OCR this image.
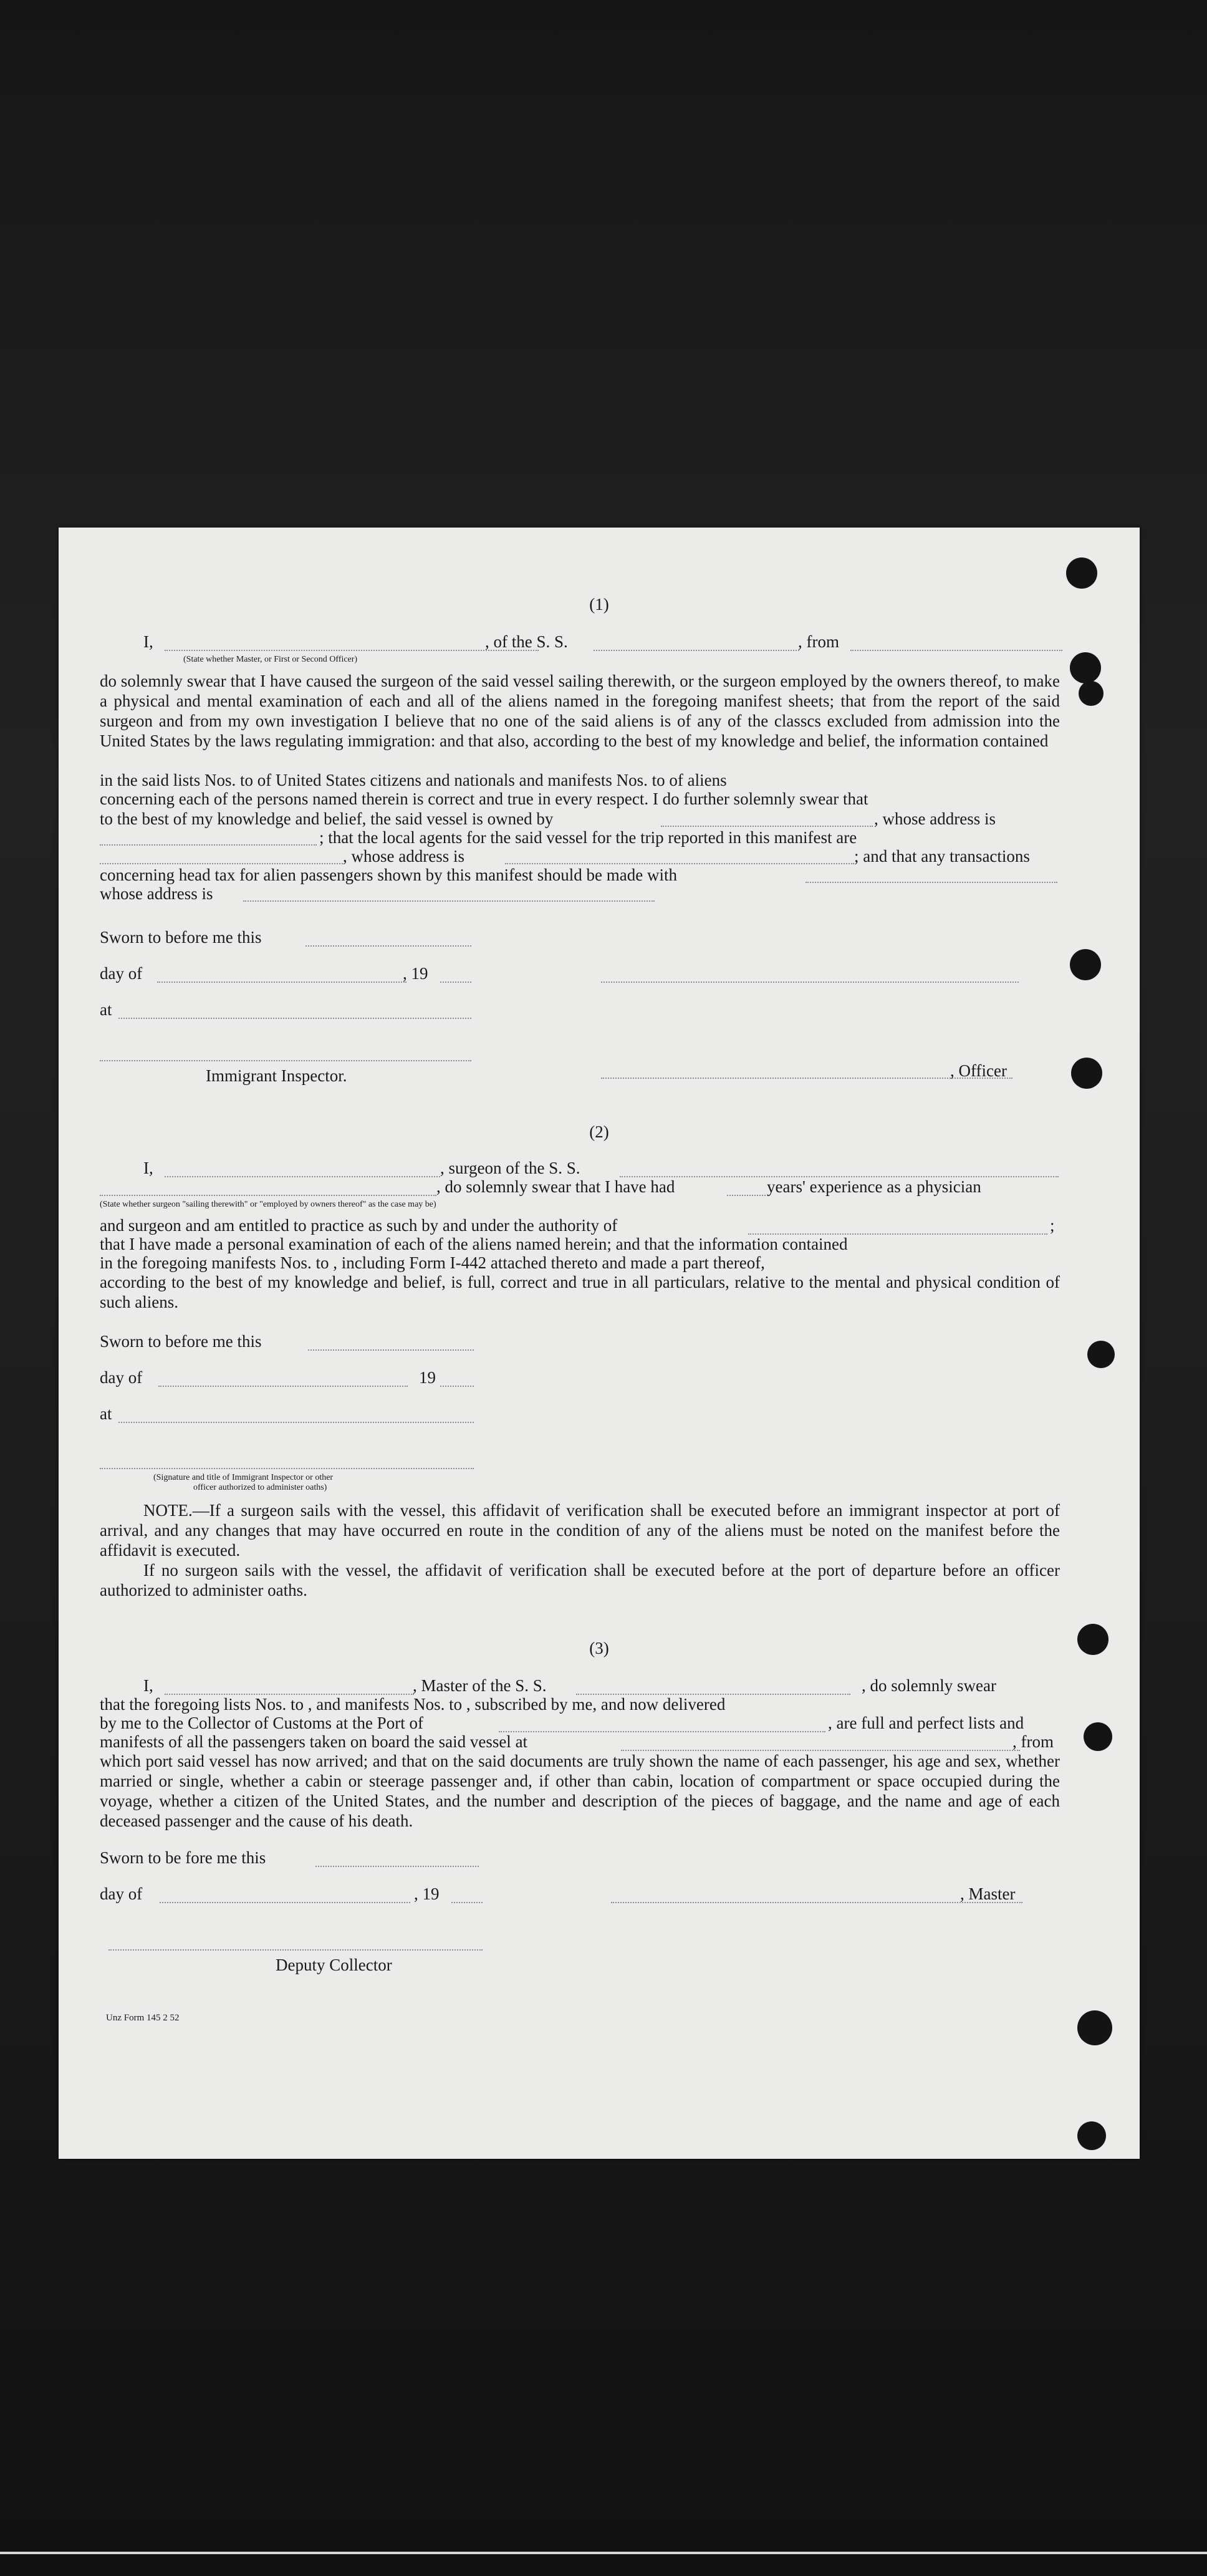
(1)
I,	, of the S. S.	, from
(State whether Master, or First or Second Officer)
do solemnly swear that I have caused the surgeon of the said vessel sailing therewith, or the surgeon employed by the owners thereof, to make a physical and mental examination of each and all of the aliens named in the foregoing manifest sheets; that from the report of the said surgeon and from my own investigation I believe that no one of the said aliens is of any of the classcs excluded from admission into the United States by the laws regulating immigration: and that also, according to the best of my knowledge and belief, the information contained
in the said lists Nos. to of United States citizens and nationals and manifests Nos. to of aliens
concerning each of the persons named therein is correct and true in every respect. I do further solemnly swear that
to the best of my knowledge and belief, the said vessel is owned by	, whose address is
; that the local agents for the said vessel for the trip reported in this manifest are
, whose address is	; and that any transactions
concerning head tax for alien passengers shown by this manifest should be made with
whose address is
Sworn to before me this
day of	, 19
at
Immigrant Inspector.	, Officer
(2)
I,	, surgeon of the S. S.
, do solemnly swear that I have had	years' experience as a physician
(State whether surgeon "sailing therewith" or "employed by owners thereof" as the case may be)
and surgeon and am entitled to practice as such by and under the authority of	;
that I have made a personal examination of each of the aliens named herein; and that the information contained
in the foregoing manifests Nos. to , including Form I-442 attached thereto and made a part thereof,
according to the best of my knowledge and belief, is full, correct and true in all particulars, relative to the mental and physical condition of such aliens.
Sworn to before me this
day of	19
at
(Signature and title of Immigrant Inspector or other
officer authorized to administer oaths)
NOTE.—If a surgeon sails with the vessel, this affidavit of verification shall be executed before an immigrant inspector at port of arrival, and any changes that may have occurred en route in the condition of any of the aliens must be noted on the manifest before the affidavit is executed.
If no surgeon sails with the vessel, the affidavit of verification shall be executed before at the port of departure before an officer authorized to administer oaths.
(3)
I,	, Master of the S. S.	, do solemnly swear
that the foregoing lists Nos. to , and manifests Nos. to , subscribed by me, and now delivered
by me to the Collector of Customs at the Port of	, are full and perfect lists and
manifests of all the passengers taken on board the said vessel at	, from
which port said vessel has now arrived; and that on the said documents are truly shown the name of each passenger, his age and sex, whether married or single, whether a cabin or steerage passenger and, if other than cabin, location of compartment or space occupied during the voyage, whether a citizen of the United States, and the number and description of the pieces of baggage, and the name and age of each deceased passenger and the cause of his death.
Sworn to be fore me this
day of	, 19	, Master
Deputy Collector
Unz Form 145 2 52
